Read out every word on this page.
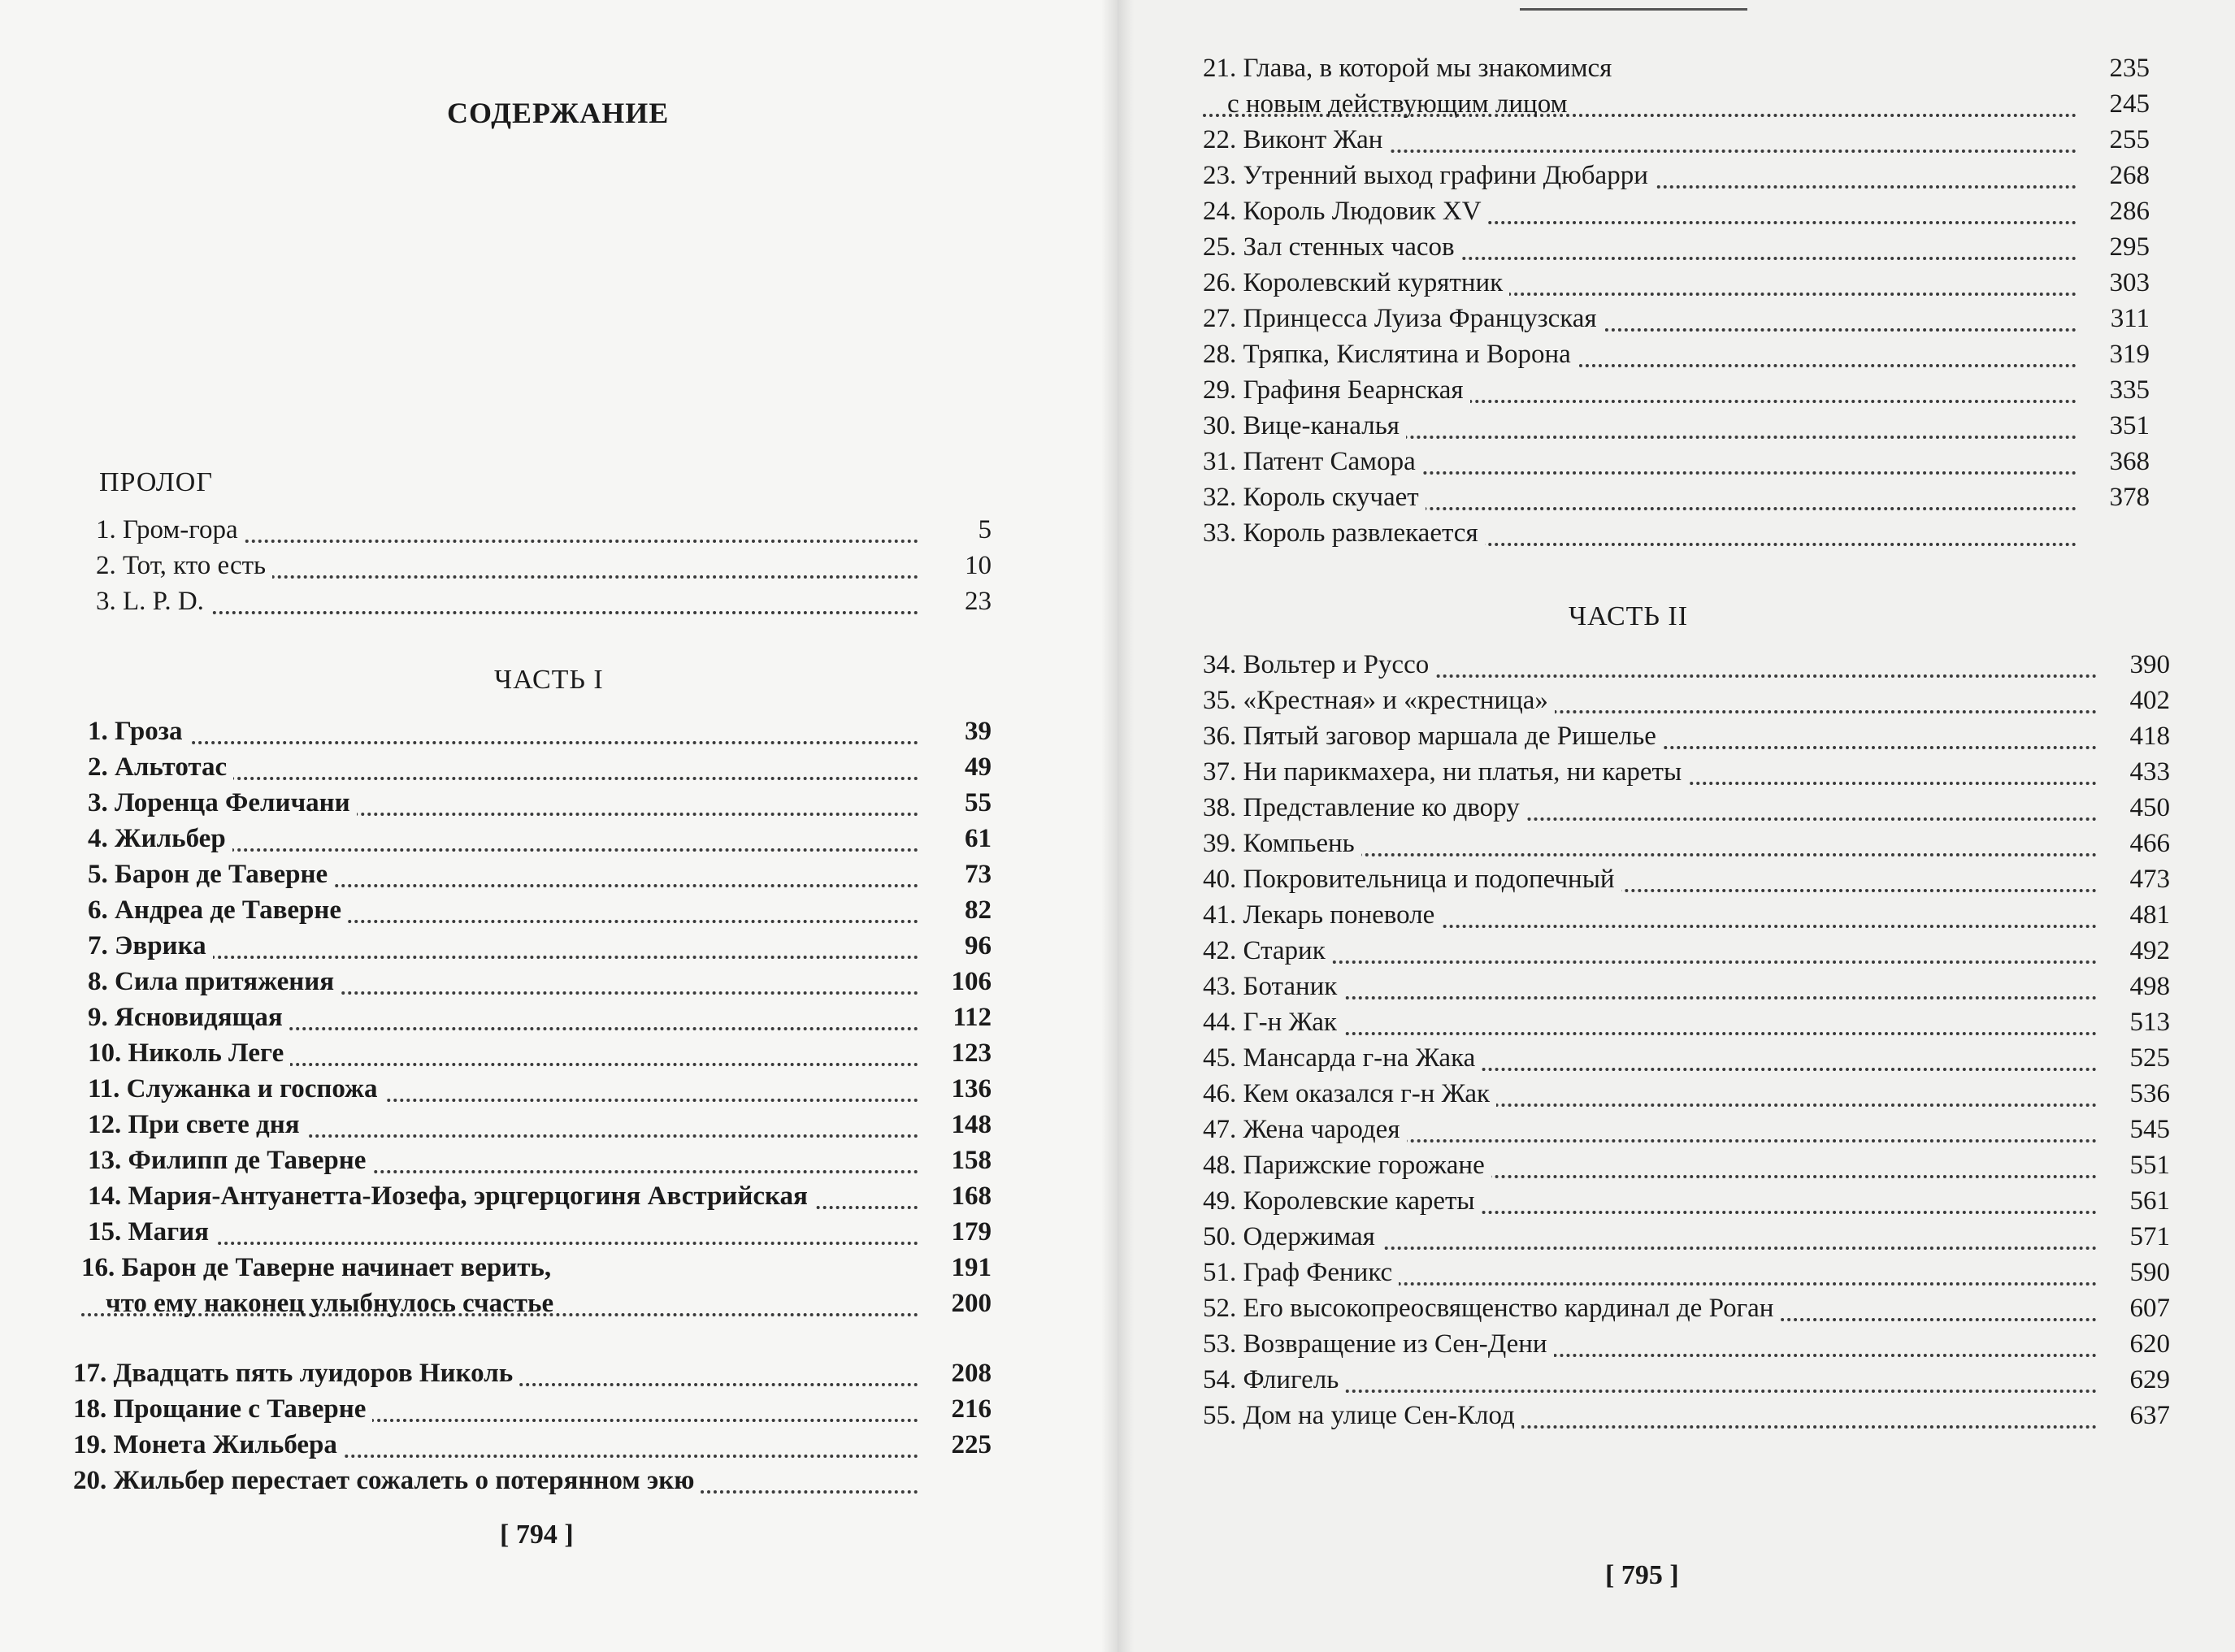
СОДЕРЖАНИЕ
ПРОЛОГ
1. Гром-гора	5
2. Тот, кто есть	10
3. L. P. D.	23
ЧАСТЬ I
1. Гроза	39
2. Альтотас	49
3. Лоренца Феличани	55
4. Жильбер	61
5. Барон де Таверне	73
6. Андреа де Таверне	82
7. Эврика	96
8. Сила притяжения	106
9. Ясновидящая	112
10. Николь Леге	123
11. Служанка и госпожа	136
12. При свете дня	148
13. Филипп де Таверне	158
14. Мария-Антуанетта-Иозефа, эрцгерцогиня Австрийская	168
15. Магия	179
16. Барон де Таверне начинает верить,	191
что ему наконец улыбнулось счастье	200
17. Двадцать пять луидоров Николь	208
18. Прощание с Таверне	216
19. Монета Жильбера	225
20. Жильбер перестает сожалеть о потерянном экю
[ 794 ]
21. Глава, в которой мы знакомимся	235
с новым действующим лицом	245
22. Виконт Жан	255
23. Утренний выход графини Дюбарри	268
24. Король Людовик XV	286
25. Зал стенных часов	295
26. Королевский курятник	303
27. Принцесса Луиза Французская	311
28. Тряпка, Кислятина и Ворона	319
29. Графиня Беарнская	335
30. Вице-каналья	351
31. Патент Самора	368
32. Король скучает	378
33. Король развлекается
ЧАСТЬ II
34. Вольтер и Руссо	390
35. «Крестная» и «крестница»	402
36. Пятый заговор маршала де Ришелье	418
37. Ни парикмахера, ни платья, ни кареты	433
38. Представление ко двору	450
39. Компьень	466
40. Покровительница и подопечный	473
41. Лекарь поневоле	481
42. Старик	492
43. Ботаник	498
44. Г-н Жак	513
45. Мансарда г-на Жака	525
46. Кем оказался г-н Жак	536
47. Жена чародея	545
48. Парижские горожане	551
49. Королевские кареты	561
50. Одержимая	571
51. Граф Феникс	590
52. Его высокопреосвященство кардинал де Роган	607
53. Возвращение из Сен-Дени	620
54. Флигель	629
55. Дом на улице Сен-Клод	637
[ 795 ]
